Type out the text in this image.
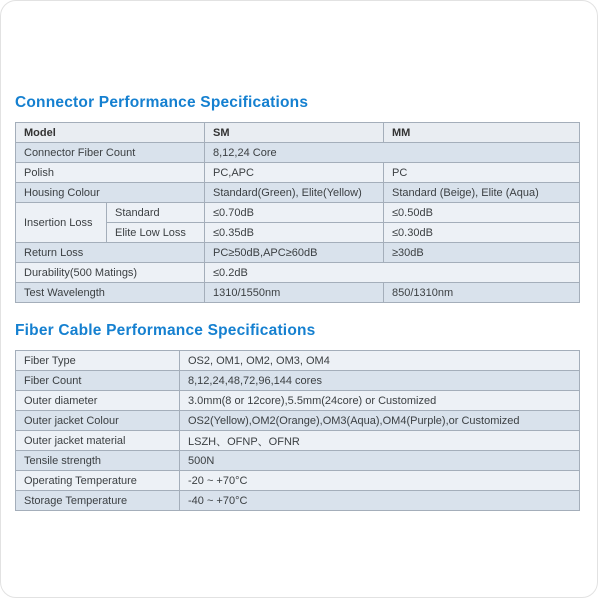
Connector Performance Specifications
Model		SM	MM
Connector Fiber Count		8,12,24 Core	
Polish		PC,APC	PC
Housing Colour		Standard(Green), Elite(Yellow)	Standard (Beige), Elite (Aqua)
Insertion Loss	Standard	≤0.70dB	≤0.50dB
	Elite Low Loss	≤0.35dB	≤0.30dB
Return Loss		PC≥50dB,APC≥60dB	≥30dB
Durability(500 Matings)		≤0.2dB	
Test Wavelength		1310/1550nm	850/1310nm
Fiber Cable Performance Specifications
Fiber Type	OS2, OM1, OM2, OM3, OM4
Fiber Count	8,12,24,48,72,96,144 cores
Outer diameter	3.0mm(8 or 12core),5.5mm(24core) or Customized
Outer jacket Colour	OS2(Yellow),OM2(Orange),OM3(Aqua),OM4(Purple),or Customized
Outer jacket material	LSZH、OFNP、OFNR
Tensile strength	500N
Operating Temperature	-20 ~ +70°C
Storage Temperature	-40 ~ +70°C
